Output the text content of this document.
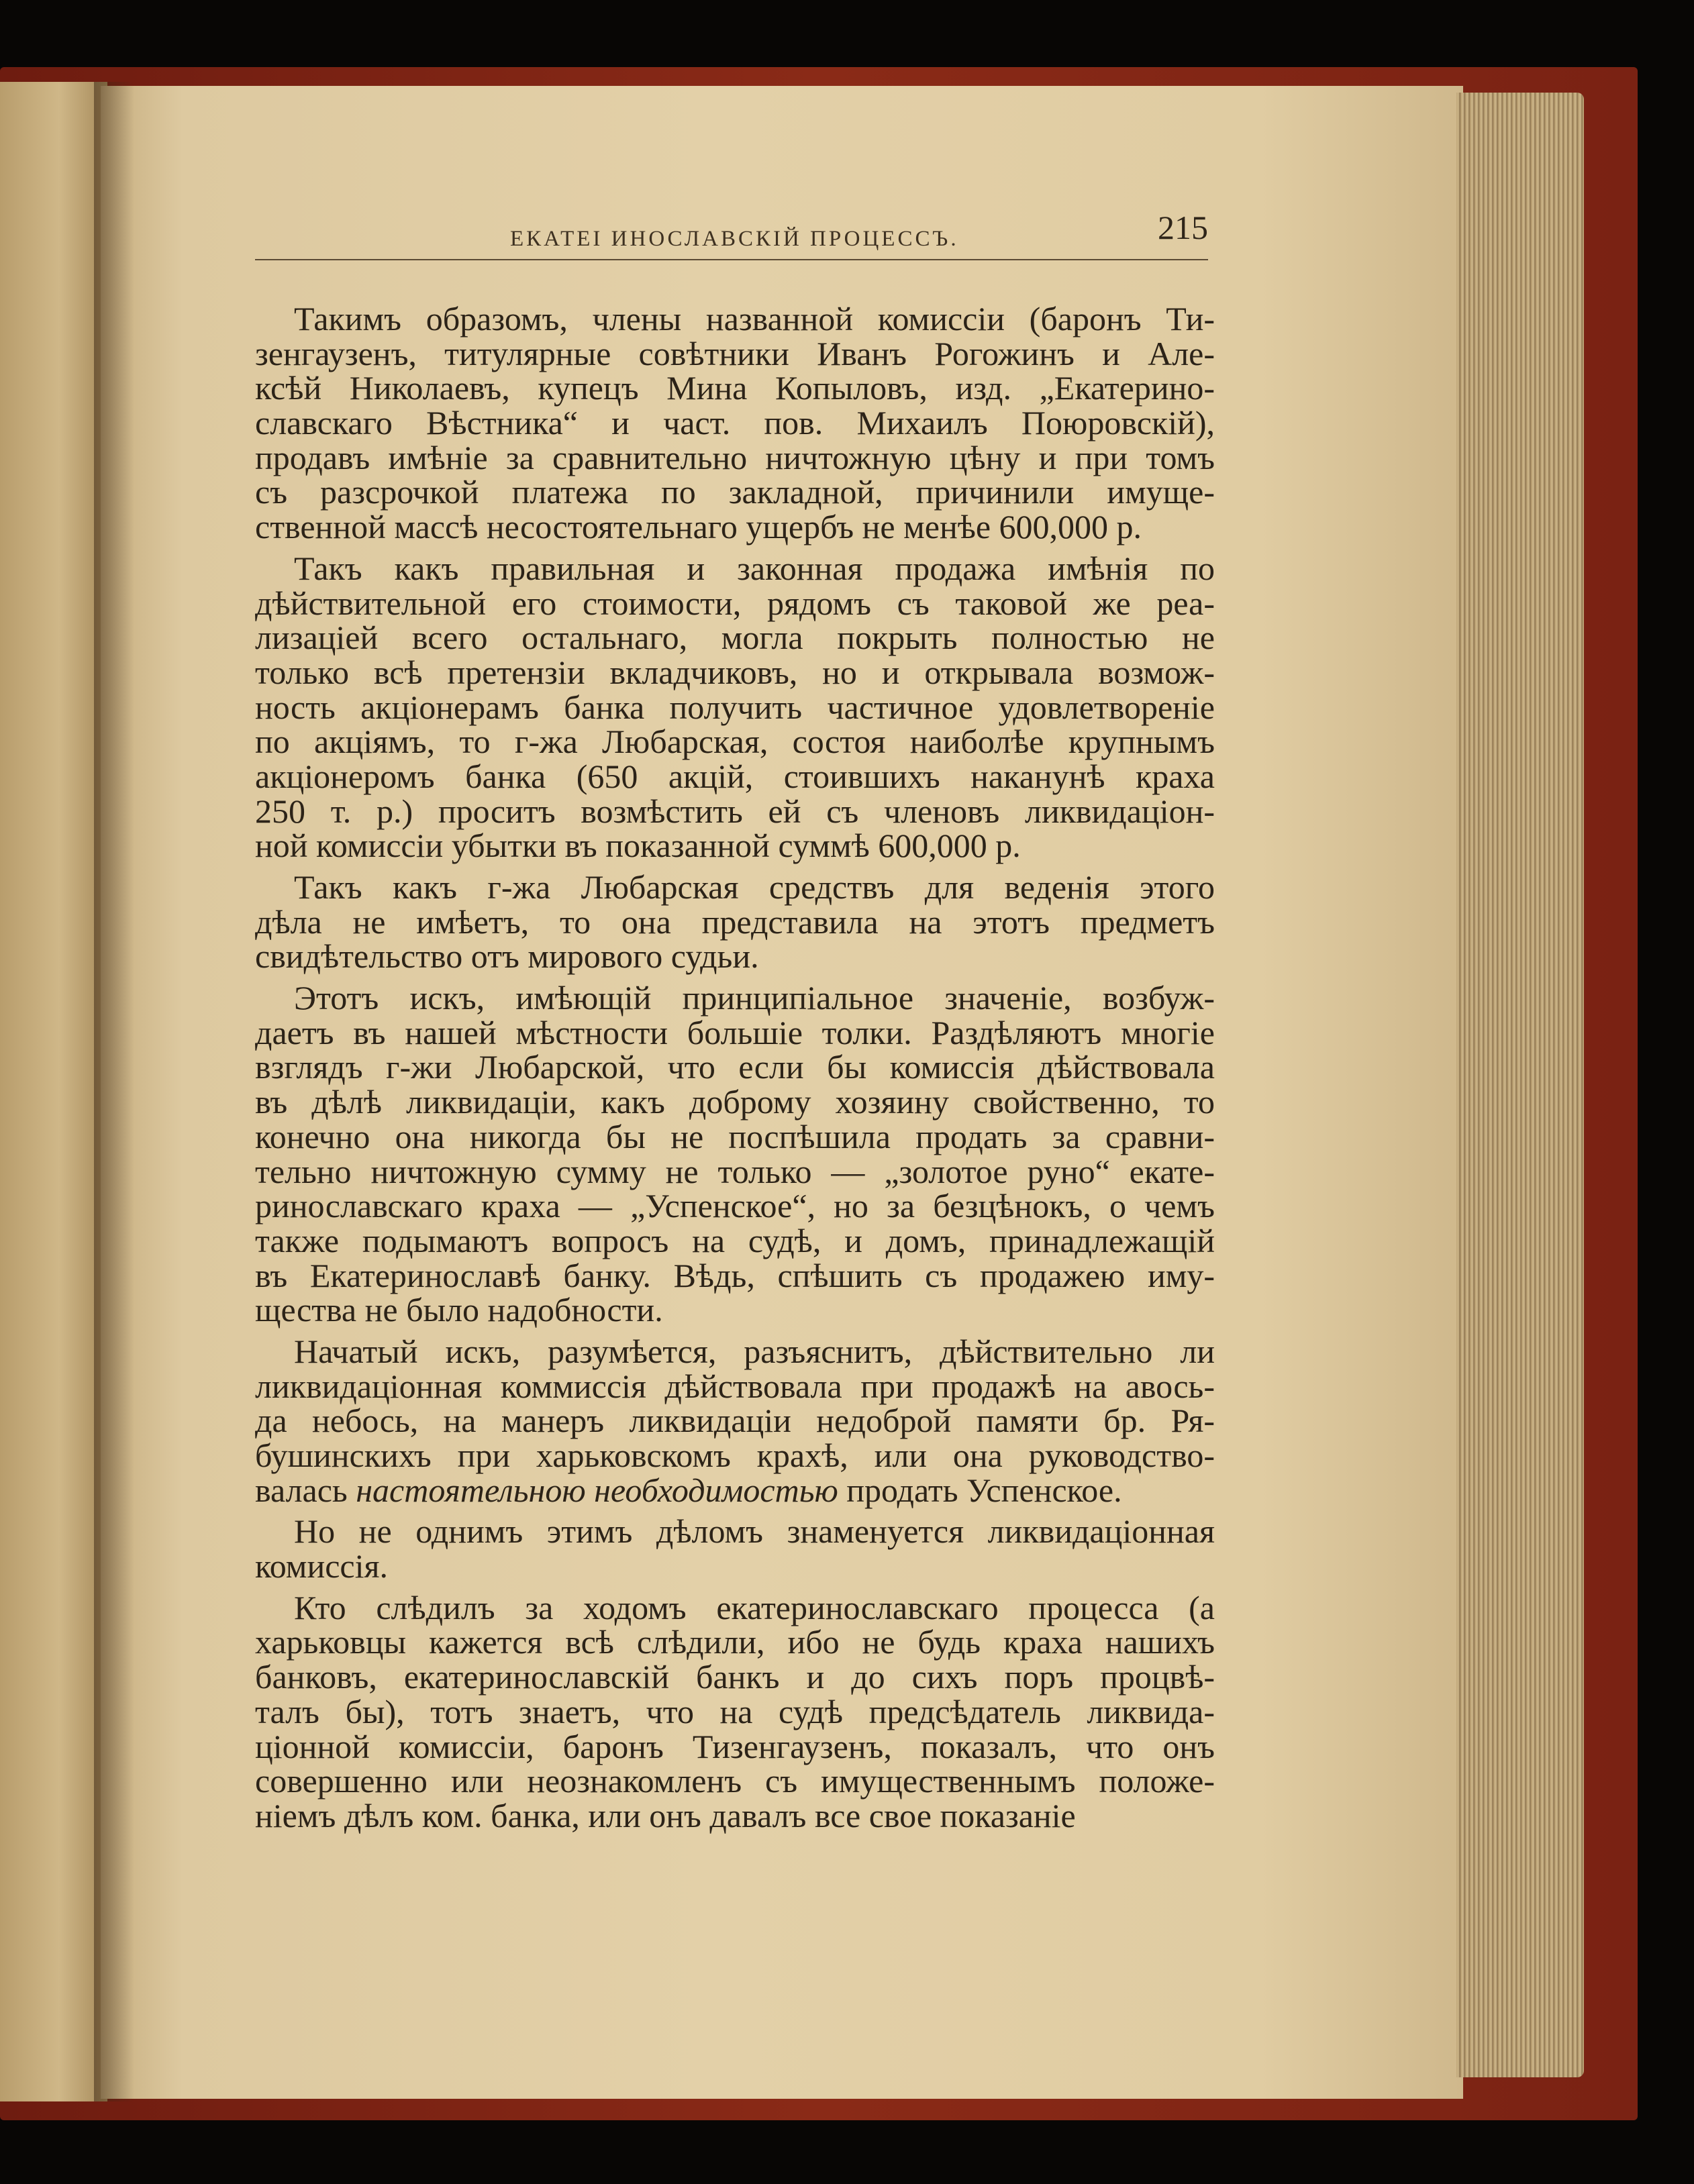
ЕКАТЕІ ИНОСЛАВСКІЙ ПРОЦЕССЪ.	215
Такимъ образомъ, члены названной комиссіи (баронъ Ти-
зенгаузенъ, титулярные совѣтники Иванъ Рогожинъ и Але-
ксѣй Николаевъ, купецъ Мина Копыловъ, изд. „Екатерино-
славскаго Вѣстника“ и част. пов. Михаилъ Поюровскій),
продавъ имѣніе за сравнительно ничтожную цѣну и при томъ
съ разсрочкой платежа по закладной, причинили имуще-
ственной массѣ несостоятельнаго ущербъ не менѣе 600,000 р.
Такъ какъ правильная и законная продажа имѣнія по
дѣйствительной его стоимости, рядомъ съ таковой же реа-
лизаціей всего остальнаго, могла покрыть полностью не
только всѣ претензіи вкладчиковъ, но и открывала возмож-
ность акціонерамъ банка получить частичное удовлетвореніе
по акціямъ, то г-жа Любарская, состоя наиболѣе крупнымъ
акціонеромъ банка (650 акцій, стоившихъ наканунѣ краха
250 т. р.) проситъ возмѣстить ей съ членовъ ликвидаціон-
ной комиссіи убытки въ показанной суммѣ 600,000 р.
Такъ какъ г-жа Любарская средствъ для веденія этого
дѣла не имѣетъ, то она представила на этотъ предметъ
свидѣтельство отъ мирового судьи.
Этотъ искъ, имѣющій принципіальное значеніе, возбуж-
даетъ въ нашей мѣстности большіе толки. Раздѣляютъ многіе
взглядъ г-жи Любарской, что если бы комиссія дѣйствовала
въ дѣлѣ ликвидаціи, какъ доброму хозяину свойственно, то
конечно она никогда бы не поспѣшила продать за сравни-
тельно ничтожную сумму не только — „золотое руно“ екате-
ринославскаго краха — „Успенское“, но за безцѣнокъ, о чемъ
также подымаютъ вопросъ на судѣ, и домъ, принадлежащій
въ Екатеринославѣ банку. Вѣдь, спѣшить съ продажею иму-
щества не было надобности.
Начатый искъ, разумѣется, разъяснитъ, дѣйствительно ли
ликвидаціонная коммиссія дѣйствовала при продажѣ на авось-
да небось, на манеръ ликвидаціи недоброй памяти бр. Ря-
бушинскихъ при харьковскомъ крахѣ, или она руководство-
валась настоятельною необходимостью продать Успенское.
Но не однимъ этимъ дѣломъ знаменуется ликвидаціонная
комиссія.
Кто слѣдилъ за ходомъ екатеринославскаго процесса (а
харьковцы кажется всѣ слѣдили, ибо не будь краха нашихъ
банковъ, екатеринославскій банкъ и до сихъ поръ процвѣ-
талъ бы), тотъ знаетъ, что на судѣ предсѣдатель ликвида-
ціонной комиссіи, баронъ Тизенгаузенъ, показалъ, что онъ
совершенно или неознакомленъ съ имущественнымъ положе-
ніемъ дѣлъ ком. банка, или онъ давалъ все свое показаніе
